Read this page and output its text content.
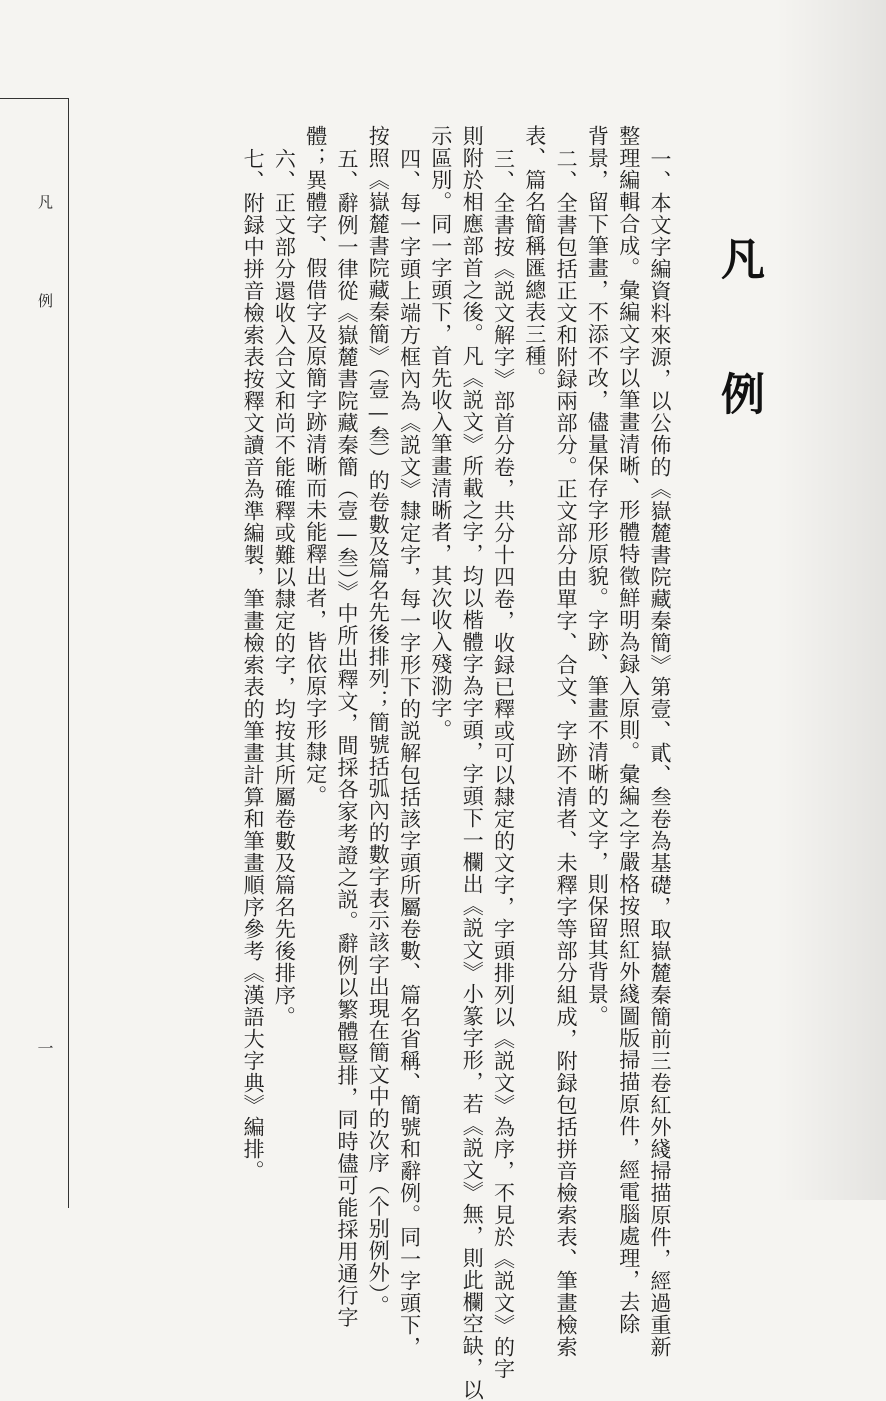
凡 例
一
凡 例

一、本文字編資料來源，以公佈的《嶽麓書院藏秦簡》第壹、貳、叁卷為基礎，取嶽麓秦簡前三卷紅外綫掃描原件，經過重新

整理編輯合成。彙編文字以筆畫清晰、形體特徵鮮明為録入原則。彙編之字嚴格按照紅外綫圖版掃描原件，經電腦處理，去除

背景，留下筆畫，不添不改，儘量保存字形原貌。字跡、筆畫不清晰的文字，則保留其背景。

二、全書包括正文和附録兩部分。正文部分由單字、合文、字跡不清者、未釋字等部分組成，附録包括拼音檢索表、筆畫檢索

表、篇名簡稱匯總表三種。

三、全書按《説文解字》部首分卷，共分十四卷，收録已釋或可以隸定的文字，字頭排列以《説文》為序，不見於《説文》的字

則附於相應部首之後。凡《説文》所載之字，均以楷體字為字頭，字頭下一欄出《説文》小篆字形，若《説文》無，則此欄空缺，以

示區別。同一字頭下，首先收入筆畫清晰者，其次收入殘泐字。

四、每一字頭上端方框內為《説文》隸定字，每一字形下的説解包括該字頭所屬卷數、篇名省稱、簡號和辭例。同一字頭下，

按照《嶽麓書院藏秦簡》（壹—叁）的卷數及篇名先後排列；簡號括弧內的數字表示該字出現在簡文中的次序（个别例外）。

五、辭例一律從《嶽麓書院藏秦簡（壹—叁）》中所出釋文，間採各家考證之説。辭例以繁體豎排，同時儘可能採用通行字

體；異體字、假借字及原簡字跡清晰而未能釋出者，皆依原字形隸定。

六、正文部分還收入合文和尚不能確釋或難以隸定的字，均按其所屬卷數及篇名先後排序。

七、附録中拼音檢索表按釋文讀音為準編製，筆畫檢索表的筆畫計算和筆畫順序參考《漢語大字典》編排。
